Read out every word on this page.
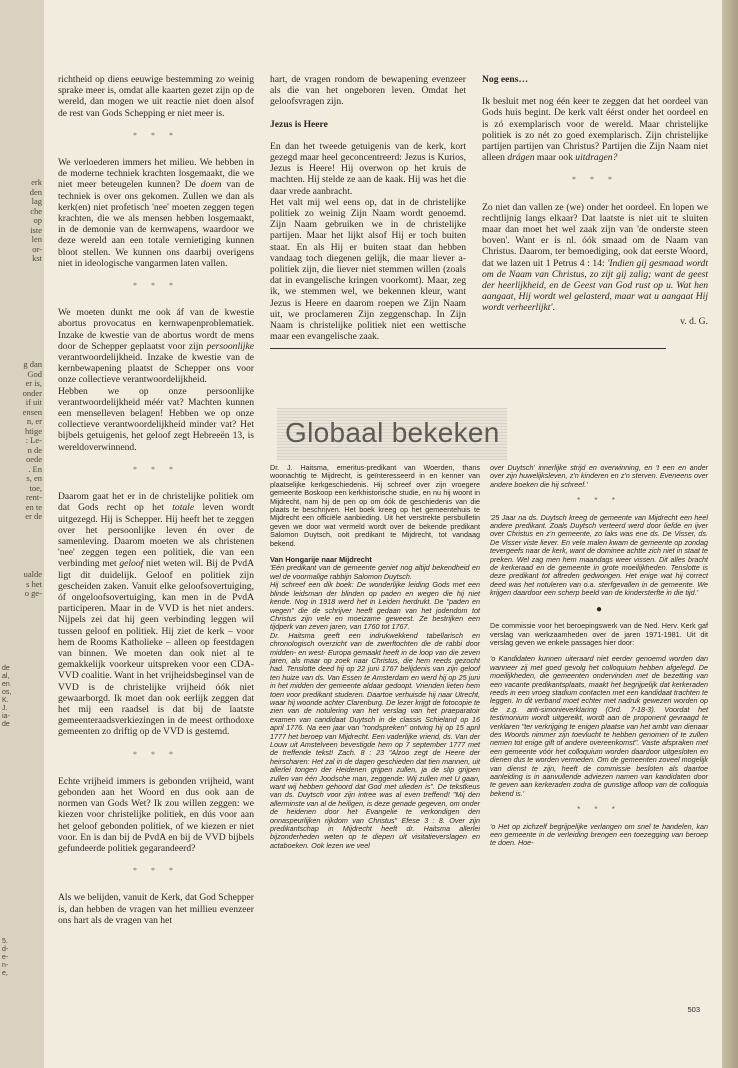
erk
den
lag
che
op
iste
len
or-
kst
g dan
God
er is,
onder
if uit
ensen
n, er
htige
: Le-
n de
oede
. En
s, en
toe,
rent-
en te
er de
ualde
s het
o ge-
de
al,
en
os,
K.
J.
ia-
de
5.
d-
e-
n-
e,

richtheid op diens eeuwige bestemming zo weinig sprake meer is, omdat alle kaarten gezet zijn op de wereld, dan mogen we uit reactie niet doen alsof de rest van Gods Schepping er niet meer is.

* * *

We verloederen immers het milieu. We hebben in de moderne techniek krachten losgemaakt, die we niet meer beteugelen kunnen? De doem van de techniek is over ons gekomen. Zullen we dan als kerk(en) niet profetisch 'nee' moeten zeggen tegen krachten, die we als mensen hebben losgemaakt, in de demonie van de kernwapens, waardoor we deze wereld aan een totale vernietiging kunnen bloot stellen. We kunnen ons daarbij overigens niet in ideologische vangarmen laten vallen.

* * *

We moeten dunkt me ook áf van de kwestie abortus provocatus en kernwapenproblematiek. Inzake de kwestie van de abortus wordt de mens door de Schepper geplaatst voor zijn persoonlijke verantwoordelijkheid. Inzake de kwestie van de kernbewapening plaatst de Schepper ons voor onze collectieve verantwoordelijkheid.

Hebben we op onze persoonlijke verantwoordelijkheid méér vat? Machten kunnen een menselleven belagen! Hebben we op onze collectieve verantwoordelijkheid minder vat? Het bijbels getuigenis, het geloof zegt Hebreeën 13, is wereldoverwinnend.

* * *

Daarom gaat het er in de christelijke politiek om dat Gods recht op het totale leven wordt uitgezegd. Hij is Schepper. Hij heeft het te zeggen over het persoonlijke leven én over de samenleving. Daarom moeten we als christenen 'nee' zeggen tegen een politiek, die van een verbinding met geloof niet weten wil. Bij de PvdA ligt dit duidelijk. Geloof en politiek zijn gescheiden zaken. Vanuit elke geloofsovertuiging, óf ongeloofsovertuiging, kan men in de PvdA participeren. Maar in de VVD is het niet anders. Nijpels zei dat hij geen verbinding leggen wil tussen geloof en politiek. Hij ziet de kerk – voor hem de Rooms Katholieke – alleen op feestdagen van binnen. We moeten dan ook niet al te gemakkelijk voorkeur uitspreken voor een CDA-VVD coalitie. Want in het vrijheidsbeginsel van de VVD is de christelijke vrijheid óók niet gewaarborgd. Ik moet dan ook eerlijk zeggen dat het mij een raadsel is dat bij de laatste gemeenteraadsverkiezingen in de meest orthodoxe gemeenten zo driftig op de VVD is gestemd.

* * *

Echte vrijheid immers is gebonden vrijheid, want gebonden aan het Woord en dus ook aan de normen van Gods Wet? Ik zou willen zeggen: we kiezen voor christelijke politiek, en dús voor aan het geloof gebonden politiek, of we kiezen er niet voor. En is dan bij de PvdA en bij de VVD bijbels gefundeerde politiek gegarandeerd?

* * *

Als we belijden, vanuit de Kerk, dat God Schepper is, dan hebben de vragen van het millieu evenzeer ons hart als de vragen van het

hart, de vragen rondom de bewapening evenzeer als die van het ongeboren leven. Omdat het geloofsvragen zijn.

Jezus is Heere

En dan het tweede getuigenis van de kerk, kort gezegd maar heel geconcentreerd: Jezus is Kurios, Jezus is Heere! Hij overwon op het kruis de machten. Hij stelde ze aan de kaak. Hij was het die daar vrede aanbracht.

Het valt mij wel eens op, dat in de christelijke politiek zo weinig Zijn Naam wordt genoemd. Zijn Naam gebruiken we in de christelijke partijen. Maar het lijkt alsof Hij er toch buiten staat. En als Hij er buiten staat dan hebben vandaag toch diegenen gelijk, die maar liever a-politiek zijn, die liever niet stemmen willen (zoals dat in evangelische kringen voorkomt). Maar, zeg ik, we stemmen wel, we bekennen kleur, want Jezus is Heere en daarom roepen we Zijn Naam uit, we proclameren Zijn zeggenschap. In Zijn Naam is christelijke politiek niet een wettische maar een evangelische zaak.

Nog eens…

Ik besluit met nog één keer te zeggen dat het oordeel van Gods huis begint. De kerk valt éérst onder het oordeel en is zó exemplarisch voor de wereld. Maar christelijke politiek is zo nét zo goed exemplarisch. Zijn christelijke partijen partijen van Christus? Partijen die Zijn Naam niet alleen drágen maar ook uitdragen?

* * *

Zo niet dan vallen ze (we) onder het oordeel. En lopen we rechtlijnig langs elkaar? Dat laatste is niet uit te sluiten maar dan moet het wel zaak zijn van 'de onderste steen boven'. Want er is nl. óók smaad om de Naam van Christus. Daarom, ter bemoediging, ook dat eerste Woord, dat we lazen uit 1 Petrus 4 : 14: 'Indien gij gesmaad wordt om de Naam van Christus, zo zijt gij zalig; want de geest der heerlijkheid, en de Geest van God rust op u. Wat hen aangaat, Hij wordt wel gelasterd, maar wat u aangaat Hij wordt verheerlijkt'.

v. d. G.
Globaal bekeken

Dr. J. Haitsma, emeritus-predikant van Woerden, thans woonachtig te Mijdrecht, is geïnteresseerd in en kenner van plaatselijke kerkgeschiedenis. Hij schreef over zijn vroegere gemeente Boskoop een kerkhistorische studie, en nu hij woont in Mijdrecht, nam hij de pen op om óók de geschiedenis van die plaats te beschrijven. Het boek kreeg op het gemeentehuis te Mijdrecht een officiële aanbieding. Uit het verstrekte persbulletin geven we door wat vermeld wordt over de bekende predikant Salomon Duytsch, ooit predikant te Mijdrecht, tot vandaag bekend.

Van Hongarije naar Mijdrecht

'Eén predikant van de gemeente geniet nog altijd bekendheid en wel de voormalige rabbijn Salomon Duytsch.

Hij schreef een dik boek: De wonderlijke leiding Gods met een blinde leidsman der blinden op paden en wegen die hij niet kende. Nog in 1918 werd het in Leiden herdrukt. De "paden en wegen" die de schrijver heeft gedaan van het jodendom tot Christus zijn vele en moeizame geweest. Ze bestrijken een tijdperk van zeven jaren, van 1760 tot 1767.

Dr. Haitsma geeft een indrukwekkend tabellarisch en chronologisch overzicht van de zwerftochten die de rabbi door midden- en west- Europa gemaakt heeft in de loop van die zeven jaren, als maar op zoek naar Christus, die hem reeds gezocht had. Tenslotte deed hij op 22 juni 1767 belijdenis van zijn geloof ten huize van ds. Van Essen te Amsterdam en werd hij op 25 juni in het midden der gemeente aldaar gedoopt. Vrienden lieten hem toen voor predikant studeren. Daartoe verhuisde hij naar Utrecht, waar hij woonde achter Clarenburg. De lezer krijgt de fotocopie te zien van de notulering van het verslag van het praeparatoir examen van candidaat Duytsch in de classis Schieland op 16 april 1776. Na een jaar van "rondspreken" ontving hij op 15 april 1777 het beroep van Mijdrecht. Een vaderlijke vriend, ds. Van der Louw uit Amstelveen bevestigde hem op 7 september 1777 met de treffende tekst! Zach. 8 : 23 "Alzoo zegt de Heere der heirscharen: Het zal in de dagen geschieden dat tien mannen, uit allerlei tongen der Heidenen grijpen zullen, ja de slip grijpen zullen van één Joodsche man, zeggende: Wij zullen met U gaan, want wij hebben gehoord dat God met ulieden is". De tekstkeus van ds. Duytsch voor zijn intree was al even treffend! "Mij den allerminste van al de heiligen, is deze genade gegeven, om onder de heidenen door het Evangelie te verkondigen den onnaspeurlijken rijkdom van Christus" Efese 3 : 8. Over zijn predikantschap in Mijdrecht heeft dr. Haitsma allerlei bijzonderheden weten op te diepen uit visitatieverslagen en actaboeken. Ook lezen we veel

over Duytsch' innerlijke strijd en overwinning, en 't een en ander over zijn huwelijksleven, z'n kinderen en z'n sterven. Eveneens over andere boeken die hij schreef.'

* * *

'25 Jaar na ds. Duytsch kreeg de gemeente van Mijdrecht een heel andere predikant. Zoals Duytsch verteerd werd door liefde en ijver over Christus en z'n gemeente, zo laks was ene ds. De Visser, ds. De Visser viste liever. En vele malen kwam de gemeente op zondag tevergeefs naar de kerk, want de dominee achtte zich niet in staat te preken. Wel zag men hem maandags weer vissen. Dit alles bracht de kerkeraad en de gemeente in grote moeilijkheden. Tenslotte is deze predikant tot aftreden gedwongen. Het enige wat hij correct deed was het notuleren van o.a. sterfgevallen in de gemeente. We krijgen daardoor een scherp beeld van de kindersterfte in die tijd.'

●

De commissie voor het beroepingswerk van de Ned. Herv. Kerk gaf verslag van werkzaamheden over de jaren 1971-1981. Uit dit verslag geven we enkele passages hier door:

'o Kandidaten kunnen uiteraard niet eerder genoemd worden dan wanneer zij met goed gevolg het colloquium hebben afgelegd. De moeilijkheden, die gemeenten ondervinden met de bezetting van een vacante predikantsplaats, maakt het begrijpelijk dat kerkeraden reeds in een vroeg stadium contacten met een kandidaat trachten te leggen. In dit verband moet echter met nadruk gewezen worden op de z.g. anti-simonieverklaring (Ord. 7-18-3). Voordat het testimonium wordt uitgereikt, wordt aan de proponent gevraagd te verklaren "ter verkrijging te enigen plaatse van het ambt van dienaar des Woords nimmer zijn toevlucht te hebben genomen of te zullen nemen tot enige gift of andere overeenkomst". Vaste afspraken met een gemeente vóór het colloquium worden daardoor uitgesloten en dienen dus te worden vermeden. Om de gemeenten zoveel mogelijk van dienst te zijn, heeft de commissie besloten als daartoe aanleiding is in aanvullende adviezen namen van kandidaten door te geven aan kerkeraden zodra de gunstige afloop van de colloquia bekend is.'

* * *

'o Het op zichzelf begrijpelijke verlangen om snel te handelen, kan een gemeente in de verleiding brengen een toezegging van beroep te doen. Hoe-

503
